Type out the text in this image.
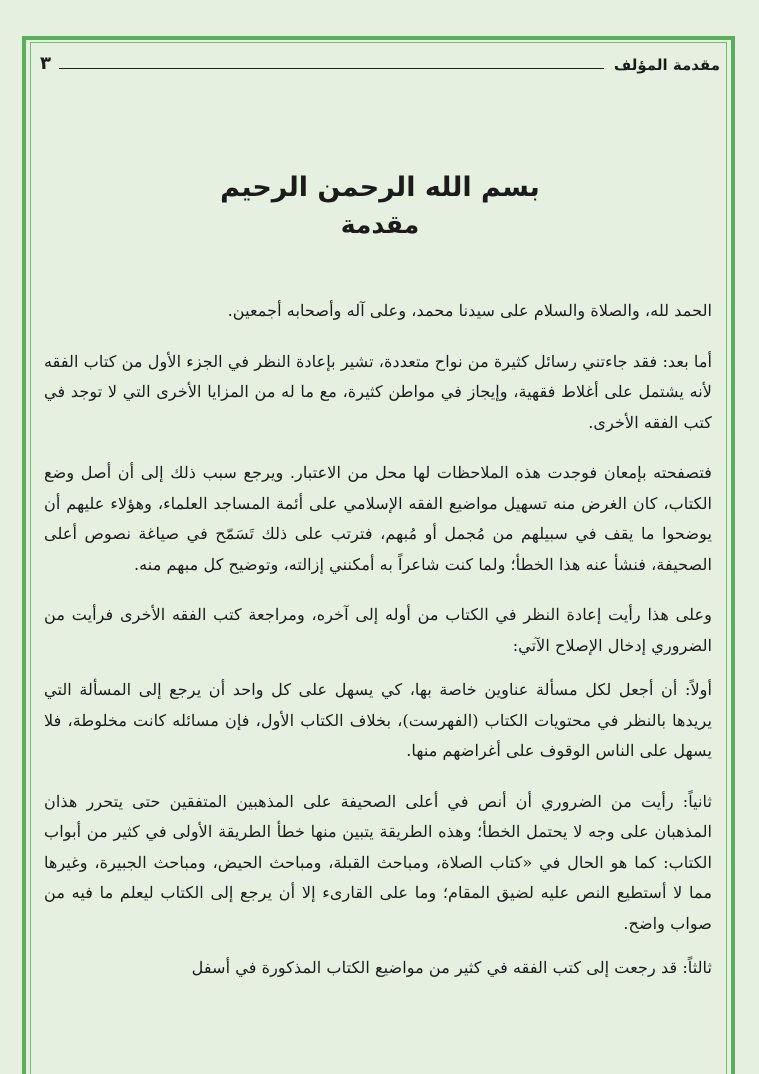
مقدمة المؤلف
٣
بسم الله الرحمن الرحيم
مقدمة

الحمد لله، والصلاة والسلام على سيدنا محمد، وعلى آله وأصحابه أجمعين.

أما بعد: فقد جاءتني رسائل كثيرة من نواح متعددة، تشير بإعادة النظر في الجزء الأول من كتاب الفقه لأنه يشتمل على أغلاط فقهية، وإيجاز في مواطن كثيرة، مع ما له من المزايا الأخرى التي لا توجد في كتب الفقه الأخرى.

فتصفحته بإمعان فوجدت هذه الملاحظات لها محل من الاعتبار. ويرجع سبب ذلك إلى أن أصل وضع الكتاب، كان الغرض منه تسهيل مواضيع الفقه الإسلامي على أئمة المساجد العلماء، وهؤلاء عليهم أن يوضحوا ما يقف في سبيلهم من مُجمل أو مُبهم، فترتب على ذلك تَسَمّح في صياغة نصوص أعلى الصحيفة، فنشأ عنه هذا الخطأ؛ ولما كنت شاعراً به أمكنني إزالته، وتوضيح كل مبهم منه.

وعلى هذا رأيت إعادة النظر في الكتاب من أوله إلى آخره، ومراجعة كتب الفقه الأخرى فرأيت من الضروري إدخال الإصلاح الآتي:

أولاً: أن أجعل لكل مسألة عناوين خاصة بها، كي يسهل على كل واحد أن يرجع إلى المسألة التي يريدها بالنظر في محتويات الكتاب (الفهرست)، بخلاف الكتاب الأول، فإن مسائله كانت مخلوطة، فلا يسهل على الناس الوقوف على أغراضهم منها.

ثانياً: رأيت من الضروري أن أنص في أعلى الصحيفة على المذهبين المتفقين حتى يتحرر هذان المذهبان على وجه لا يحتمل الخطأ؛ وهذه الطريقة يتبين منها خطأ الطريقة الأولى في كثير من أبواب الكتاب: كما هو الحال في «كتاب الصلاة، ومباحث القبلة، ومباحث الحيض، ومباحث الجبيرة، وغيرها مما لا أستطيع النص عليه لضيق المقام؛ وما على القارىء إلا أن يرجع إلى الكتاب ليعلم ما فيه من صواب واضح.

ثالثاً: قد رجعت إلى كتب الفقه في كثير من مواضيع الكتاب المذكورة في أسفل
